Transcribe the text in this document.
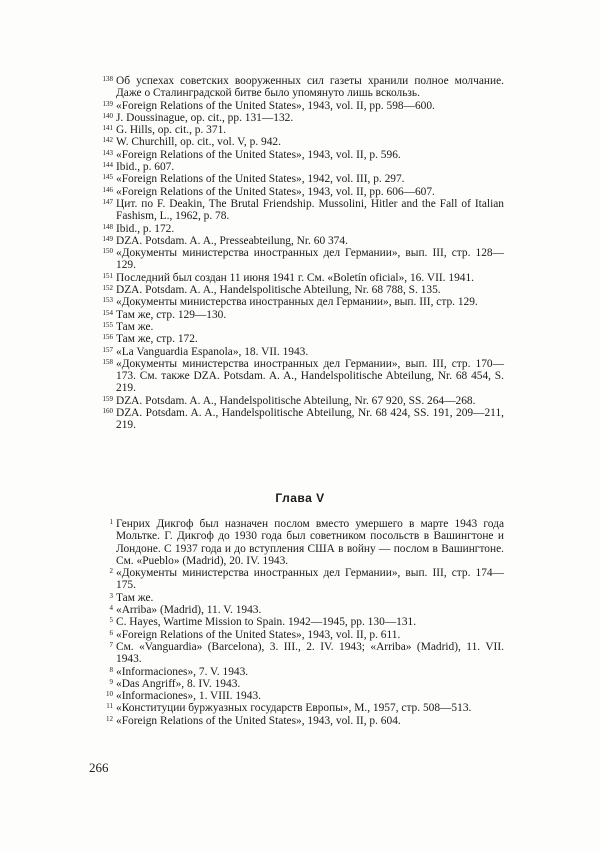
138 Об успехах советских вооруженных сил газеты хранили полное молчание. Даже о Сталинградской битве было упомянуто лишь вскользь.
139 «Foreign Relations of the United States», 1943, vol. II, pp. 598—600.
140 J. Doussinague, op. cit., pp. 131—132.
141 G. Hills, op. cit., p. 371.
142 W. Churchill, op. cit., vol. V, p. 942.
143 «Foreign Relations of the United States», 1943, vol. II, p. 596.
144 Ibid., p. 607.
145 «Foreign Relations of the United States», 1942, vol. III, p. 297.
146 «Foreign Relations of the United States», 1943, vol. II, pp. 606—607.
147 Цит. по F. Deakin, The Brutal Friendship. Mussolini, Hitler and the Fall of Italian Fashism, L., 1962, p. 78.
148 Ibid., p. 172.
149 DZA. Potsdam. A. A., Presseabteilung, Nr. 60 374.
150 «Документы министерства иностранных дел Германии», вып. III, стр. 128—129.
151 Последний был создан 11 июня 1941 г. См. «Boletín oficial», 16. VII. 1941.
152 DZA. Potsdam. A. A., Handelspolitische Abteilung, Nr. 68 788, S. 135.
153 «Документы министерства иностранных дел Германии», вып. III, стр. 129.
154 Там же, стр. 129—130.
155 Там же.
156 Там же, стр. 172.
157 «La Vanguardia Espanola», 18. VII. 1943.
158 «Документы министерства иностранных дел Германии», вып. III, стр. 170—173. См. также DZA. Potsdam. A. A., Handelspolitische Abteilung, Nr. 68 454, S. 219.
159 DZA. Potsdam. A. A., Handelspolitische Abteilung, Nr. 67 920, SS. 264—268.
160 DZA. Potsdam. A. A., Handelspolitische Abteilung, Nr. 68 424, SS. 191, 209—211, 219.
Глава V
1 Генрих Дикгоф был назначен послом вместо умершего в марте 1943 года Мольтке. Г. Дикгоф до 1930 года был советником посольств в Вашингтоне и Лондоне. С 1937 года и до вступления США в войну — послом в Вашингтоне. См. «Pueblo» (Madrid), 20. IV. 1943.
2 «Документы министерства иностранных дел Германии», вып. III, стр. 174—175.
3 Там же.
4 «Arriba» (Madrid), 11. V. 1943.
5 C. Hayes, Wartime Mission to Spain. 1942—1945, pp. 130—131.
6 «Foreign Relations of the United States», 1943, vol. II, p. 611.
7 См. «Vanguardia» (Barcelona), 3. III., 2. IV. 1943; «Arriba» (Madrid), 11. VII. 1943.
8 «Informaciones», 7. V. 1943.
9 «Das Angriff», 8. IV. 1943.
10 «Informaciones», 1. VIII. 1943.
11 «Конституции буржуазных государств Европы», М., 1957, стр. 508—513.
12 «Foreign Relations of the United States», 1943, vol. II, p. 604.
266
